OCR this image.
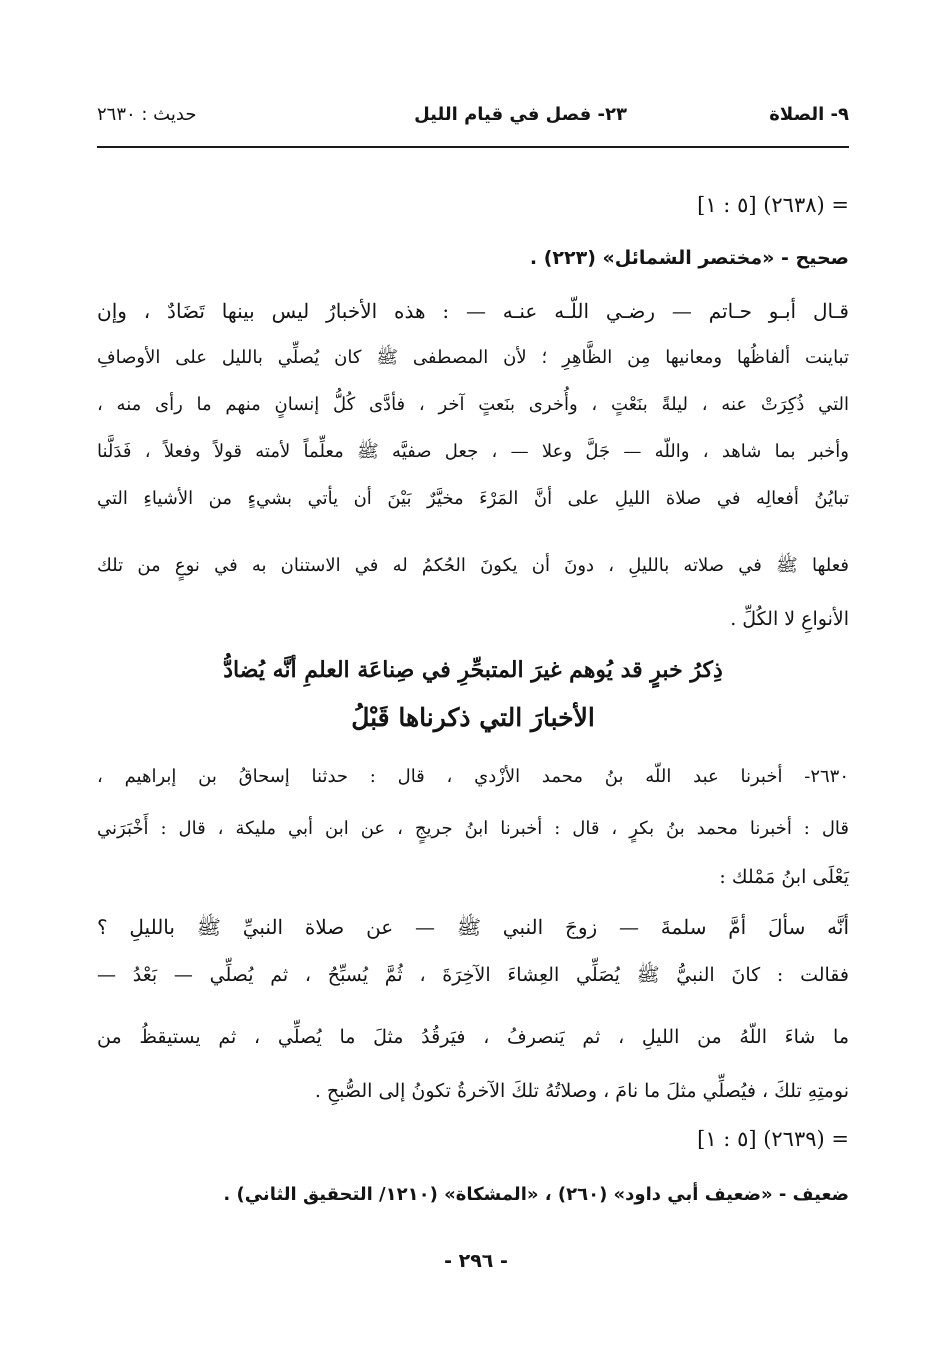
٩- الصلاة
٢٣- فصل في قيام الليل
حديث : ٢٦٣٠
= (٢٦٣٨) [٥ : ١]
صحيح - «مختصر الشمائل» (٢٢٣) .
قـال أبـو حـاتم — رضـي اللّـه عنـه — : هذه الأخبارُ ليس بينها تَضَادٌ ، وإن
تباينت ألفاظُها ومعانيها مِن الظَّاهِرِ ؛ لأن المصطفى ﷺ كان يُصلِّي بالليل على الأوصافِ
التي ذُكِرَتْ عنه ، ليلةً بنَعْتٍ ، وأُخرى بنَعتٍ آخر ، فأدَّى كُلُّ إنسانٍ منهم ما رأى منه ،
وأخبر بما شاهد ، واللّه — جَلَّ وعلا — ، جعل صفيَّه ﷺ معلِّماً لأمته قولاً وفعلاً ، فَدَلَّنا
تبايُنُ أفعالِه في صلاة الليلِ على أنَّ المَرْءَ مخيَّرٌ بَيْنَ أن يأتي بشيءٍ من الأشياءِ التي
فعلها ﷺ في صلاته بالليلِ ، دونَ أن يكونَ الحُكمُ له في الاستنان به في نوعٍ من تلك
الأنواعِ لا الكُلِّ .
ذِكرُ خبرٍ قد يُوهم غيرَ المتبحِّرِ في صِناعَة العلمِ أنَّه يُضادُّ
الأخبارَ التي ذكرناها قَبْلُ
٢٦٣٠- أخبرنا عبد اللّه بنُ محمد الأزْدي ، قال : حدثنا إسحاقُ بن إبراهيم ،
قال : أخبرنا محمد بنُ بكرٍ ، قال : أخبرنا ابنُ جريجٍ ، عن ابن أبي مليكة ، قال : أَخْبَرَني
يَعْلَى ابنُ مَمْلك :
أنَّه سألَ أمَّ سلمةَ — زوجَ النبي ﷺ — عن صلاة النبيِّ ﷺ بالليلِ ؟
فقالت : كانَ النبيُّ ﷺ يُصَلِّي العِشاءَ الآخِرَةَ ، ثُمَّ يُسبِّحُ ، ثم يُصلِّي — بَعْدُ —
ما شاءَ اللّهُ من الليلِ ، ثم يَنصرفُ ، فيَرقُدُ مثلَ ما يُصلِّي ، ثم يستيقظُ من
نومتِهِ تلكَ ، فيُصلِّي مثلَ ما نامَ ، وصلاتُهُ تلكَ الآخرةُ تكونُ إلى الصُّبحِ .
= (٢٦٣٩) [٥ : ١]
ضعيف - «ضعيف أبي داود» (٢٦٠) ، «المشكاة» (١٢١٠/ التحقيق الثاني) .
- ٢٩٦ -
